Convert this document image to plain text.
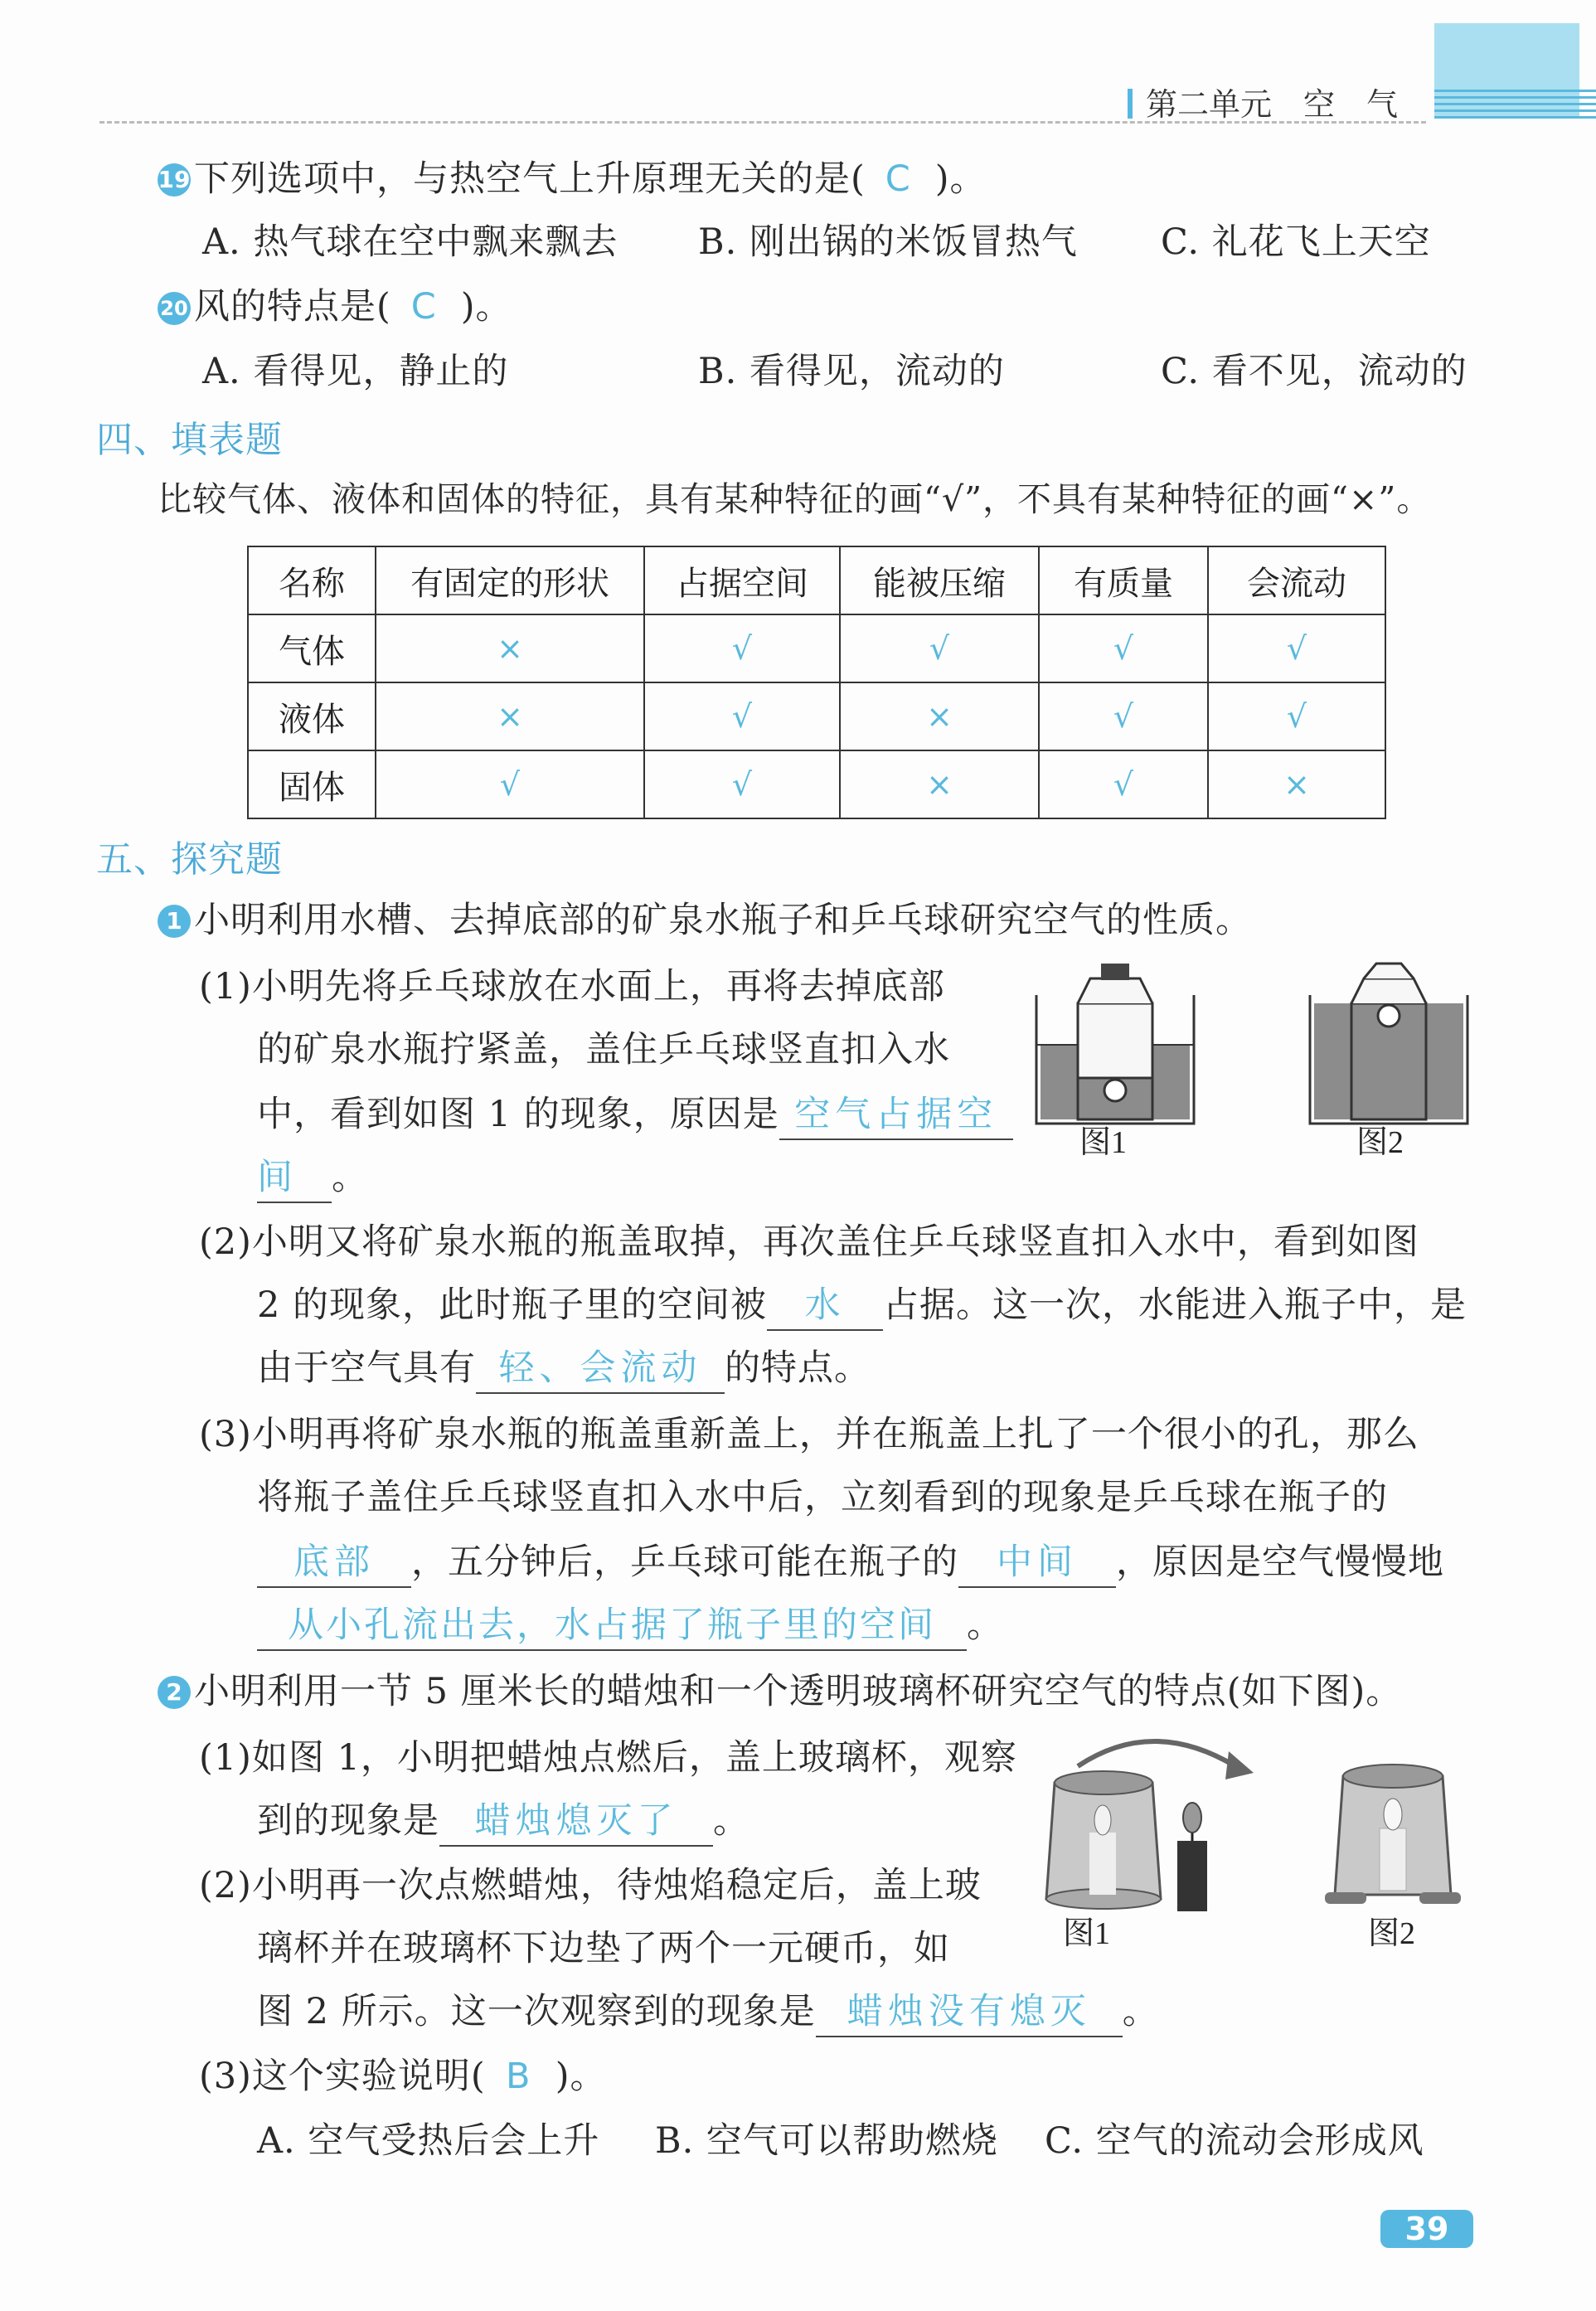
第二单元　空　气
19 下列选项中，与热空气上升原理无关的是( C )。
A. 热气球在空中飘来飘去 B. 刚出锅的米饭冒热气 C. 礼花飞上天空
20 风的特点是( C )。
A. 看得见，静止的	B. 看得见，流动的	C. 看不见，流动的
四、填表题
比较气体、液体和固体的特征，具有某种特征的画“√”，不具有某种特征的画“×”。
名称	有固定的形状	占据空间	能被压缩	有质量	会流动
气体	×	√	√	√	√
液体	×	√	×	√	√
固体	√	√	×	√	×
五、探究题
1 小明利用水槽、去掉底部的矿泉水瓶子和乒乓球研究空气的性质。
(1)小明先将乒乓球放在水面上，再将去掉底部
的矿泉水瓶拧紧盖，盖住乒乓球竖直扣入水
中，看到如图 1 的现象，原因是 空气占据空
间 。
图1	图2
(2)小明又将矿泉水瓶的瓶盖取掉，再次盖住乒乓球竖直扣入水中，看到如图
2 的现象，此时瓶子里的空间被 水 占据。这一次，水能进入瓶子中，是
由于空气具有 轻、会流动 的特点。
(3)小明再将矿泉水瓶的瓶盖重新盖上，并在瓶盖上扎了一个很小的孔，那么
将瓶子盖住乒乓球竖直扣入水中后，立刻看到的现象是乒乓球在瓶子的
底部 ，五分钟后，乒乓球可能在瓶子的 中间 ，原因是空气慢慢地
从小孔流出去，水占据了瓶子里的空间 。
2 小明利用一节 5 厘米长的蜡烛和一个透明玻璃杯研究空气的特点(如下图)。
(1)如图 1，小明把蜡烛点燃后，盖上玻璃杯，观察
到的现象是 蜡烛熄灭了 。
(2)小明再一次点燃蜡烛，待烛焰稳定后，盖上玻
璃杯并在玻璃杯下边垫了两个一元硬币，如
图 2 所示。这一次观察到的现象是 蜡烛没有熄灭 。
(3)这个实验说明( B )。
A. 空气受热后会上升 B. 空气可以帮助燃烧 C. 空气的流动会形成风
图1	图2
39
